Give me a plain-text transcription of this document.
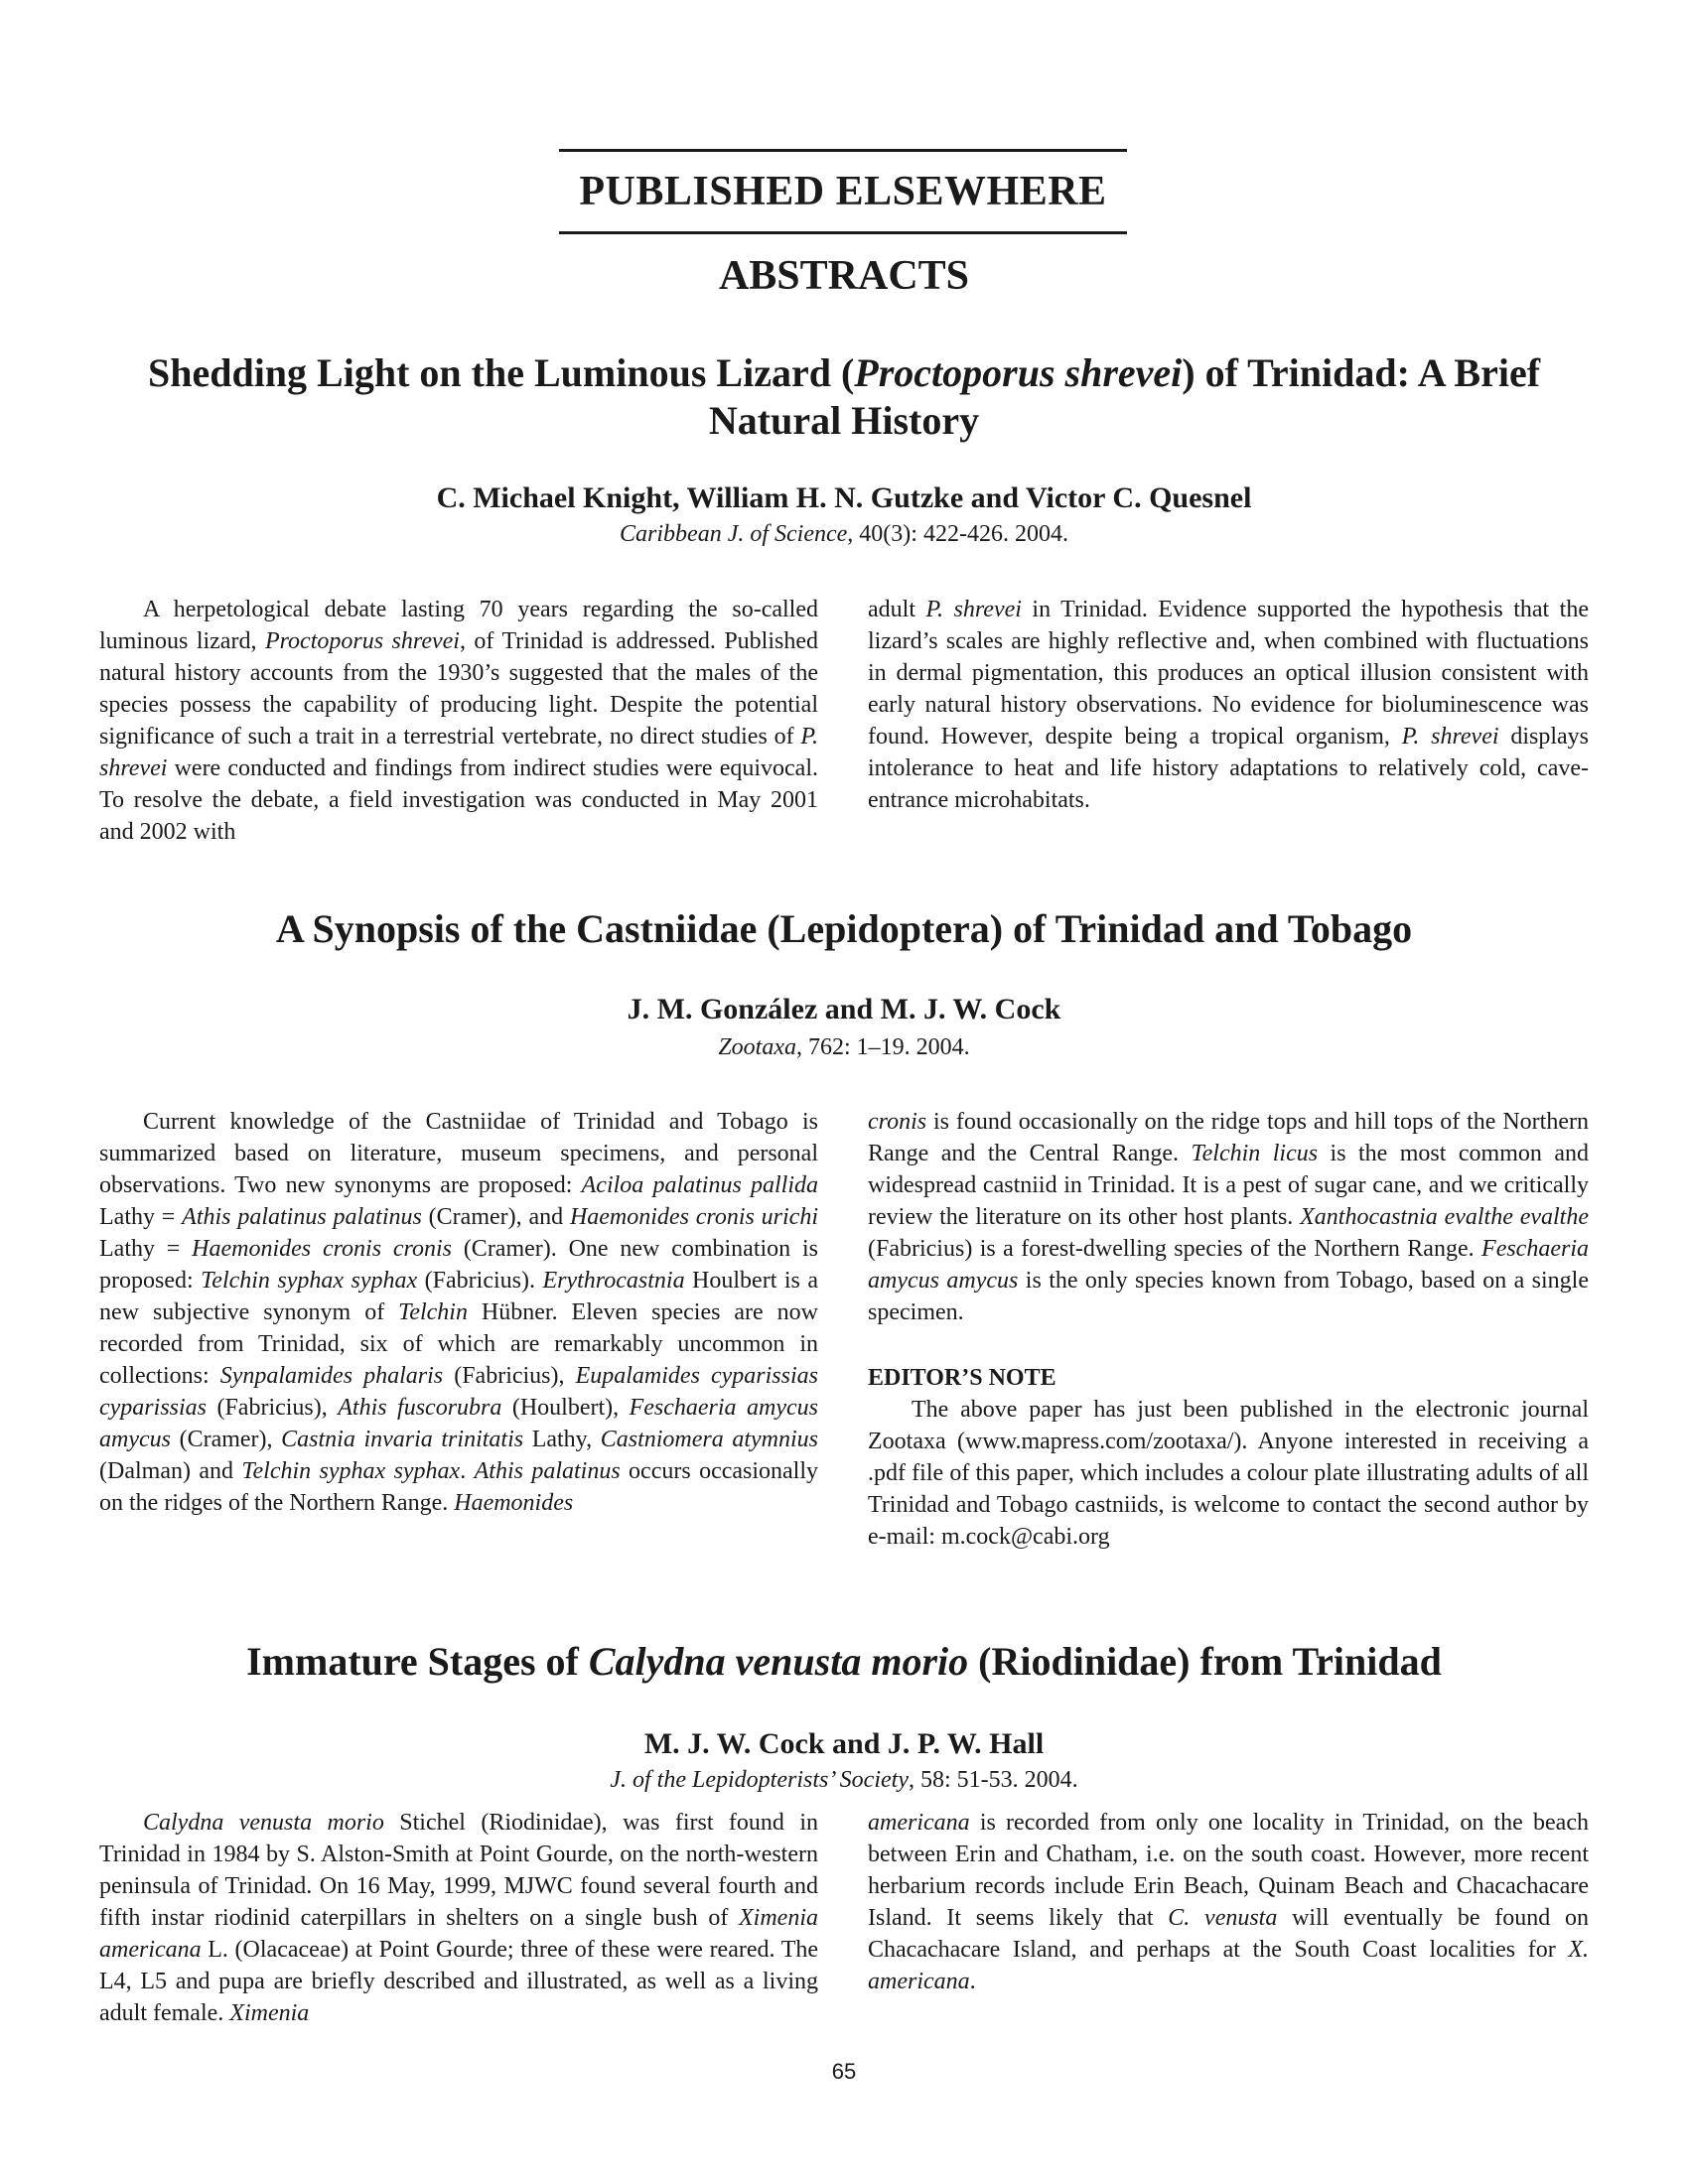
PUBLISHED ELSEWHERE
ABSTRACTS
Shedding Light on the Luminous Lizard (Proctoporus shrevei) of Trinidad: A Brief Natural History
C. Michael Knight, William H. N. Gutzke and Victor C. Quesnel
Caribbean J. of Science, 40(3): 422-426. 2004.

A herpetological debate lasting 70 years regarding the so-called luminous lizard, Proctoporus shrevei, of Trinidad is addressed. Published natural history accounts from the 1930’s suggested that the males of the species possess the capability of producing light. Despite the potential significance of such a trait in a terrestrial vertebrate, no direct studies of P. shrevei were conducted and findings from indirect studies were equivocal. To resolve the debate, a field investigation was conducted in May 2001 and 2002 with

adult P. shrevei in Trinidad. Evidence supported the hypothesis that the lizard’s scales are highly reflective and, when combined with fluctuations in dermal pigmentation, this produces an optical illusion consistent with early natural history observations. No evidence for bioluminescence was found. However, despite being a tropical organism, P. shrevei displays intolerance to heat and life history adaptations to relatively cold, cave-entrance microhabitats.

A Synopsis of the Castniidae (Lepidoptera) of Trinidad and Tobago
J. M. González and M. J. W. Cock
Zootaxa, 762: 1–19. 2004.

Current knowledge of the Castniidae of Trinidad and Tobago is summarized based on literature, museum specimens, and personal observations. Two new synonyms are proposed: Aciloa palatinus pallida Lathy = Athis palatinus palatinus (Cramer), and Haemonides cronis urichi Lathy = Haemonides cronis cronis (Cramer). One new combination is proposed: Telchin syphax syphax (Fabricius). Erythrocastnia Houlbert is a new subjective synonym of Telchin Hübner. Eleven species are now recorded from Trinidad, six of which are remarkably uncommon in collections: Synpalamides phalaris (Fabricius), Eupalamides cyparissias cyparissias (Fabricius), Athis fuscorubra (Houlbert), Feschaeria amycus amycus (Cramer), Castnia invaria trinitatis Lathy, Castniomera atymnius (Dalman) and Telchin syphax syphax. Athis palatinus occurs occasionally on the ridges of the Northern Range. Haemonides

cronis is found occasionally on the ridge tops and hill tops of the Northern Range and the Central Range. Telchin licus is the most common and widespread castniid in Trinidad. It is a pest of sugar cane, and we critically review the literature on its other host plants. Xanthocastnia evalthe evalthe (Fabricius) is a forest-dwelling species of the Northern Range. Feschaeria amycus amycus is the only species known from Tobago, based on a single specimen.

EDITOR’S NOTE

The above paper has just been published in the electronic journal Zootaxa (www.mapress.com/zootaxa/). Anyone interested in receiving a .pdf file of this paper, which includes a colour plate illustrating adults of all Trinidad and Tobago castniids, is welcome to contact the second author by e-mail: m.cock@cabi.org

Immature Stages of Calydna venusta morio (Riodinidae) from Trinidad
M. J. W. Cock and J. P. W. Hall
J. of the Lepidopterists’ Society, 58: 51-53. 2004.

Calydna venusta morio Stichel (Riodinidae), was first found in Trinidad in 1984 by S. Alston-Smith at Point Gourde, on the north-western peninsula of Trinidad. On 16 May, 1999, MJWC found several fourth and fifth instar riodinid caterpillars in shelters on a single bush of Ximenia americana L. (Olacaceae) at Point Gourde; three of these were reared. The L4, L5 and pupa are briefly described and illustrated, as well as a living adult female. Ximenia

americana is recorded from only one locality in Trinidad, on the beach between Erin and Chatham, i.e. on the south coast. However, more recent herbarium records include Erin Beach, Quinam Beach and Chacachacare Island. It seems likely that C. venusta will eventually be found on Chacachacare Island, and perhaps at the South Coast localities for X. americana.

65
